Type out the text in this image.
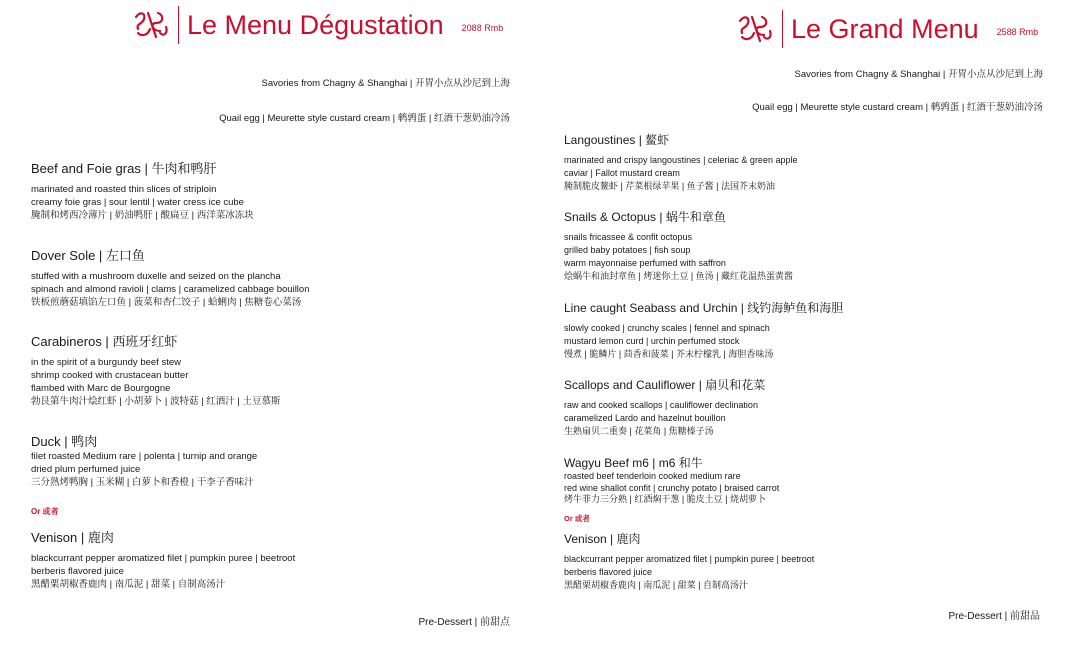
Le Menu Dégustation 2088 Rmb
Savories from Chagny & Shanghai | 开胃小点从沙尼到上海
Quail egg | Meurette style custard cream | 鹌鹑蛋 | 红酒干葱奶油冷汤
Beef and Foie gras | 牛肉和鸭肝
marinated and roasted thin slices of striploin
creamy foie gras | sour lentil | water cress ice cube
腌制和烤西冷薄片 | 奶油鸭肝 | 酸扁豆 | 西洋菜冰冻块
Dover Sole | 左口鱼
stuffed with a mushroom duxelle and seized on the plancha
spinach and almond ravioli | clams | caramelized cabbage bouillon
铁板煎蘑菇填馅左口鱼 | 菠菜和杏仁饺子 | 蛤蜊肉 | 焦糖卷心菜汤
Carabineros | 西班牙红虾
in the spirit of a burgundy beef stew
shrimp cooked with crustacean butter
flambed with Marc de Bourgogne
勃艮第牛肉汁烩红虾 | 小胡萝卜 | 波特菇 | 红酒汁 | 土豆慕斯
Duck | 鸭肉
filet roasted Medium rare | polenta | turnip and orange
dried plum perfumed juice
三分熟烤鸭胸 | 玉米糊 | 白萝卜和香橙 | 干李子香味汁
Or 或者
Venison | 鹿肉
blackcurrant pepper aromatized filet | pumpkin puree | beetroot
berberis flavored juice
黑醋栗胡椒香鹿肉 | 南瓜泥 | 甜菜 | 自制高汤汁
Pre-Dessert | 前甜点
Le Grand Menu 2588 Rmb
Savories from Chagny & Shanghai | 开胃小点从沙尼到上海
Quail egg | Meurette style custard cream | 鹌鹑蛋 | 红酒干葱奶油冷汤
Langoustines | 鳌虾
marinated and crispy langoustines | celeriac & green apple
caviar | Fallot mustard cream
腌制脆皮鳌虾 | 芹菜根绿苹果 | 鱼子酱 | 法国芥末奶油
Snails & Octopus | 蜗牛和章鱼
snails fricassee & confit octopus
grilled baby potatoes | fish soup
warm mayonnaise perfumed with saffron
烩蜗牛和油封章鱼 | 烤迷你土豆 | 鱼汤 | 藏红花温热蛋黄酱
Line caught Seabass and Urchin | 线钓海鲈鱼和海胆
slowly cooked | crunchy scales | fennel and spinach
mustard lemon curd | urchin perfumed stock
慢煮 | 脆鳞片 | 茴香和菠菜 | 芥末柠檬乳 | 海胆香味汤
Scallops and Cauliflower | 扇贝和花菜
raw and cooked scallops | cauliflower declination
caramelized Lardo and hazelnut bouillon
生熟扇贝二重奏 | 花菜角 | 焦糖榛子汤
Wagyu Beef m6 | m6 和牛
roasted beef tenderloin cooked medium rare
red wine shallot confit | crunchy potato | braised carrot
烤牛菲力三分熟 | 红酒焖干葱 | 脆皮土豆 | 烧胡萝卜
Or 或者
Venison | 鹿肉
blackcurrant pepper aromatized filet | pumpkin puree | beetroot
berberis flavored juice
黑醋栗胡椒香鹿肉 | 南瓜泥 | 甜菜 | 自制高汤汁
Pre-Dessert | 前甜品
